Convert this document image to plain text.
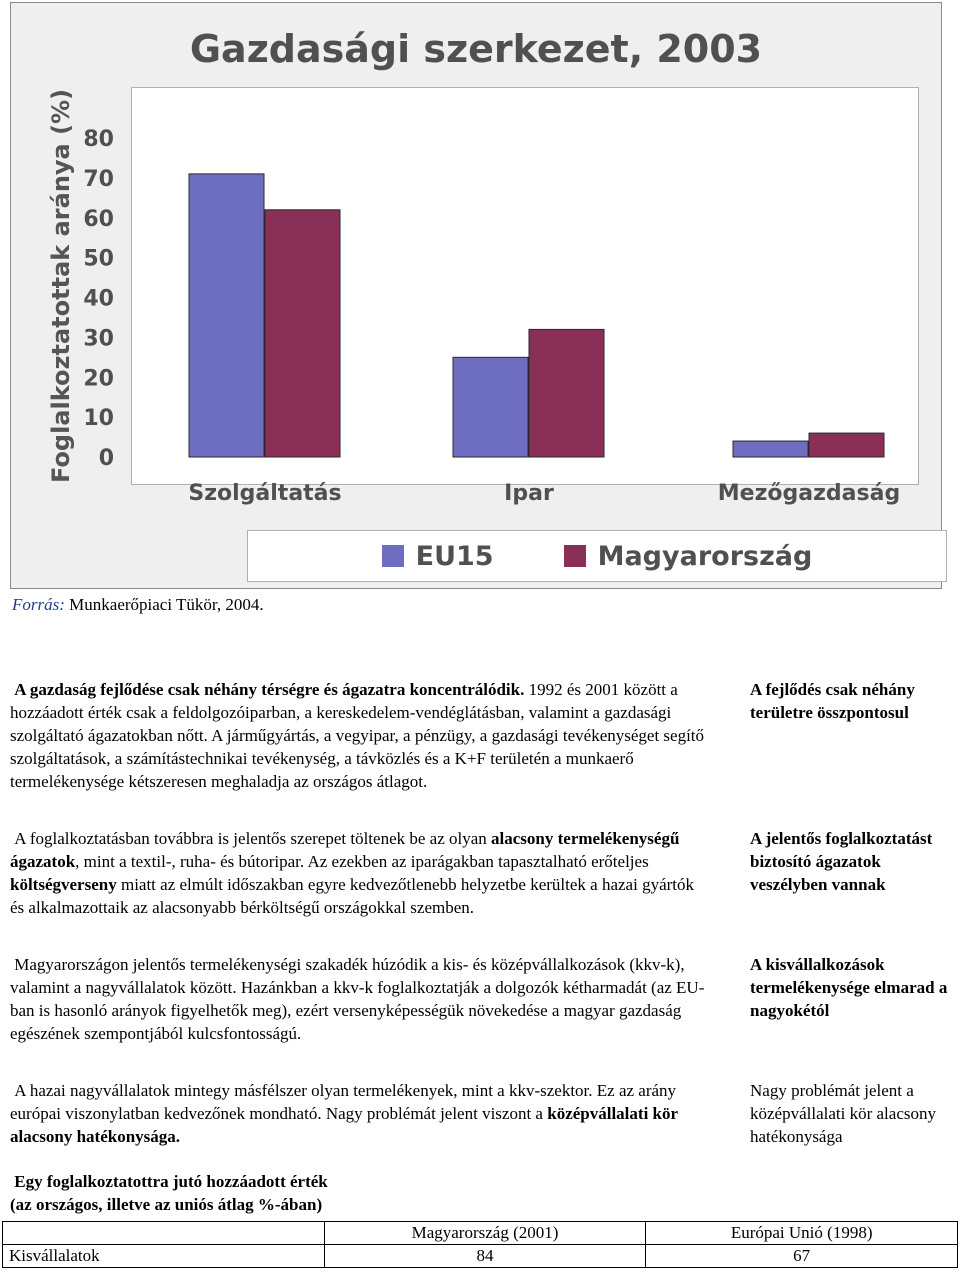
Gazdasági szerkezet, 2003
Foglalkoztatottak aránya (%) 0
10
20
30
40
50
60
70
80
Szolgáltatás	Ipar	Mezőgazdaság
EU15	Magyarország
Forrás: Munkaerőpiaci Tükör, 2004.
A gazdaság fejlődése csak néhány térségre és ágazatra koncentrálódik. 1992 és 2001 között a hozzáadott érték csak a feldolgozóiparban, a kereskedelem-vendéglátásban, valamint a gazdasági szolgáltató ágazatokban nőtt. A járműgyártás, a vegyipar, a pénzügy, a gazdasági tevékenységet segítő szolgáltatások, a számítástechnikai tevékenység, a távközlés és a K+F területén a munkaerő termelékenysége kétszeresen meghaladja az országos átlagot.
A foglalkoztatásban továbbra is jelentős szerepet töltenek be az olyan alacsony termelékenységű ágazatok, mint a textil-, ruha- és bútoripar. Az ezekben az iparágakban tapasztalható erőteljes költségverseny miatt az elmúlt időszakban egyre kedvezőtlenebb helyzetbe kerültek a hazai gyártók és alkalmazottaik az alacsonyabb bérköltségű országokkal szemben.
Magyarországon jelentős termelékenységi szakadék húzódik a kis- és középvállalkozások (kkv-k), valamint a nagyvállalatok között. Hazánkban a kkv-k foglalkoztatják a dolgozók kétharmadát (az EU-ban is hasonló arányok figyelhetők meg), ezért versenyképességük növekedése a magyar gazdaság egészének szempontjából kulcsfontosságú.
A hazai nagyvállalatok mintegy másfélszer olyan termelékenyek, mint a kkv-szektor. Ez az arány európai viszonylatban kedvezőnek mondható. Nagy problémát jelent viszont a középvállalati kör alacsony hatékonysága.
A fejlődés csak néhány területre összpontosul
A jelentős foglalkoztatást biztosító ágazatok veszélyben vannak
A kisvállalkozások termelékenysége elmarad a nagyokétól
Nagy problémát jelent a középvállalati kör alacsony hatékonysága
Egy foglalkoztatottra jutó hozzáadott érték
(az országos, illetve az uniós átlag %-ában)
	Magyarország (2001)	Európai Unió (1998)
Kisvállalatok	84	67
